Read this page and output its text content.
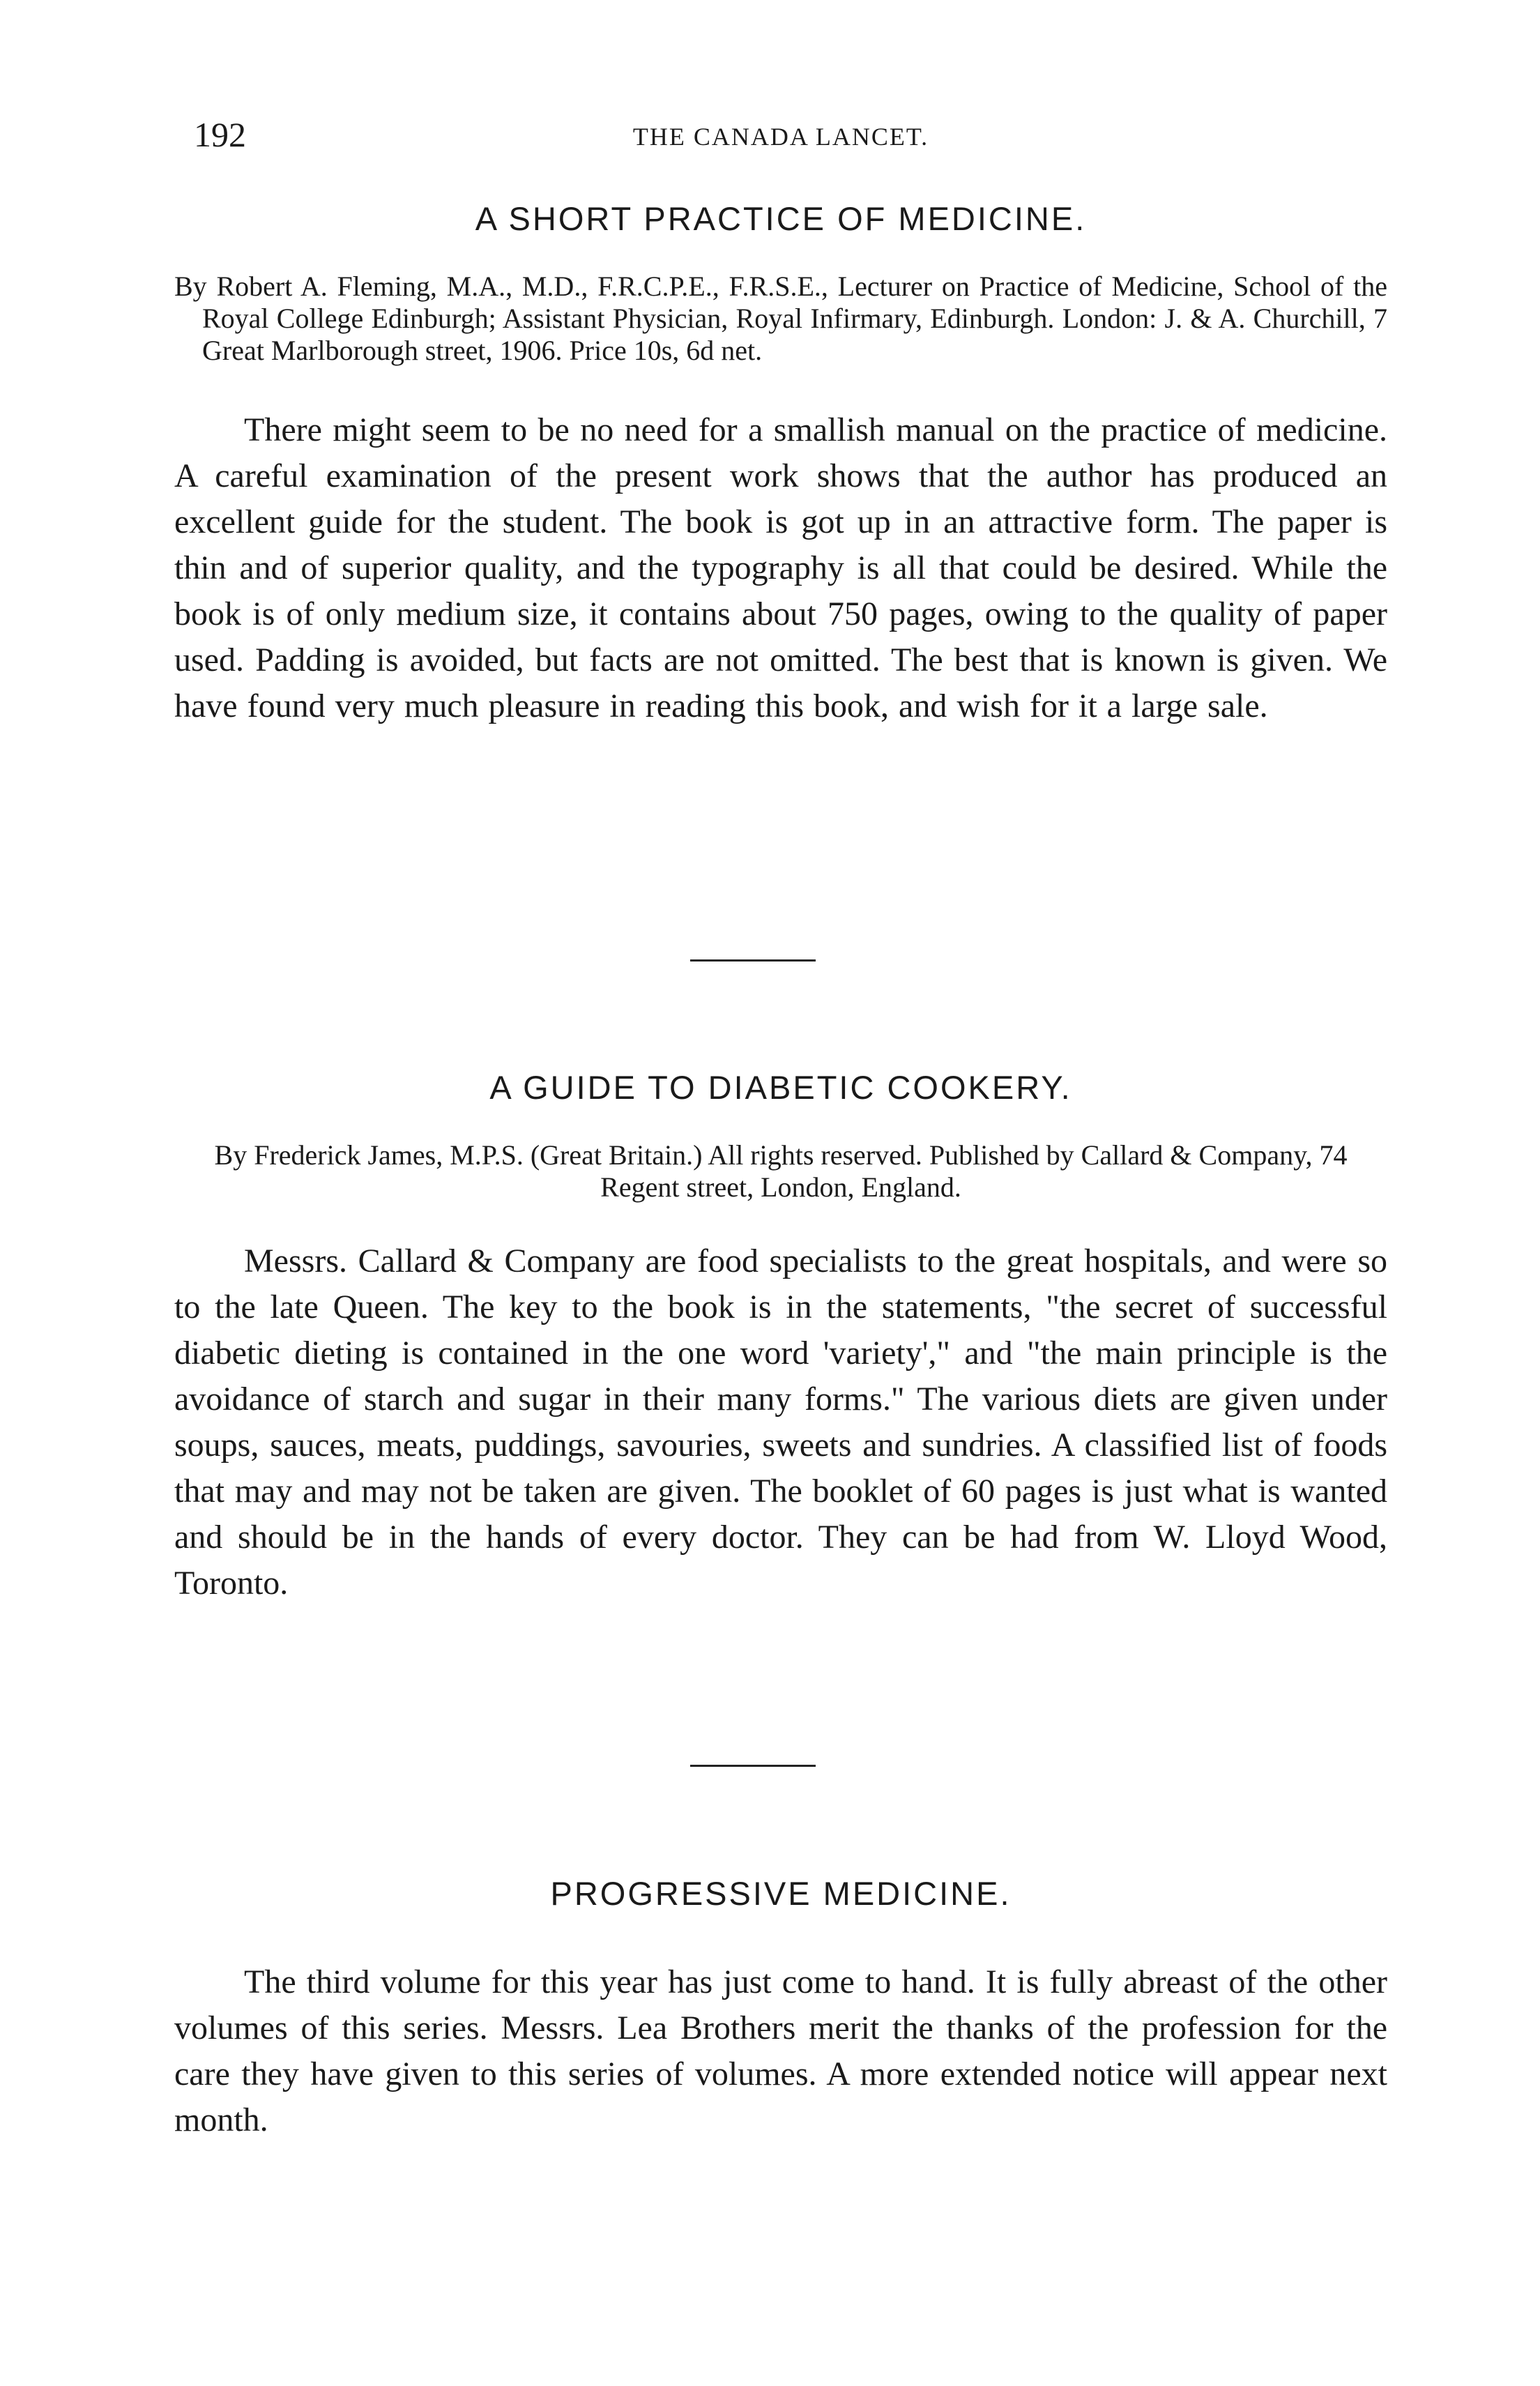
192	THE CANADA LANCET.
A SHORT PRACTICE OF MEDICINE.

By Robert A. Fleming, M.A., M.D., F.R.C.P.E., F.R.S.E., Lecturer on Practice of Medicine, School of the Royal College Edinburgh; Assistant Physician, Royal Infirmary, Edinburgh. London: J. & A. Churchill, 7 Great Marlborough street, 1906. Price 10s, 6d net.

There might seem to be no need for a smallish manual on the practice of medicine. A careful examination of the present work shows that the author has produced an excellent guide for the student. The book is got up in an attractive form. The paper is thin and of superior quality, and the typography is all that could be desired. While the book is of only medium size, it contains about 750 pages, owing to the quality of paper used. Padding is avoided, but facts are not omitted. The best that is known is given. We have found very much pleasure in reading this book, and wish for it a large sale.

A GUIDE TO DIABETIC COOKERY.

By Frederick James, M.P.S. (Great Britain.) All rights reserved. Published by Callard & Company, 74 Regent street, London, England.

Messrs. Callard & Company are food specialists to the great hospitals, and were so to the late Queen. The key to the book is in the statements, "the secret of successful diabetic dieting is contained in the one word 'variety'," and "the main principle is the avoidance of starch and sugar in their many forms." The various diets are given under soups, sauces, meats, puddings, savouries, sweets and sundries. A classified list of foods that may and may not be taken are given. The booklet of 60 pages is just what is wanted and should be in the hands of every doctor. They can be had from W. Lloyd Wood, Toronto.

PROGRESSIVE MEDICINE.

The third volume for this year has just come to hand. It is fully abreast of the other volumes of this series. Messrs. Lea Brothers merit the thanks of the profession for the care they have given to this series of volumes. A more extended notice will appear next month.
